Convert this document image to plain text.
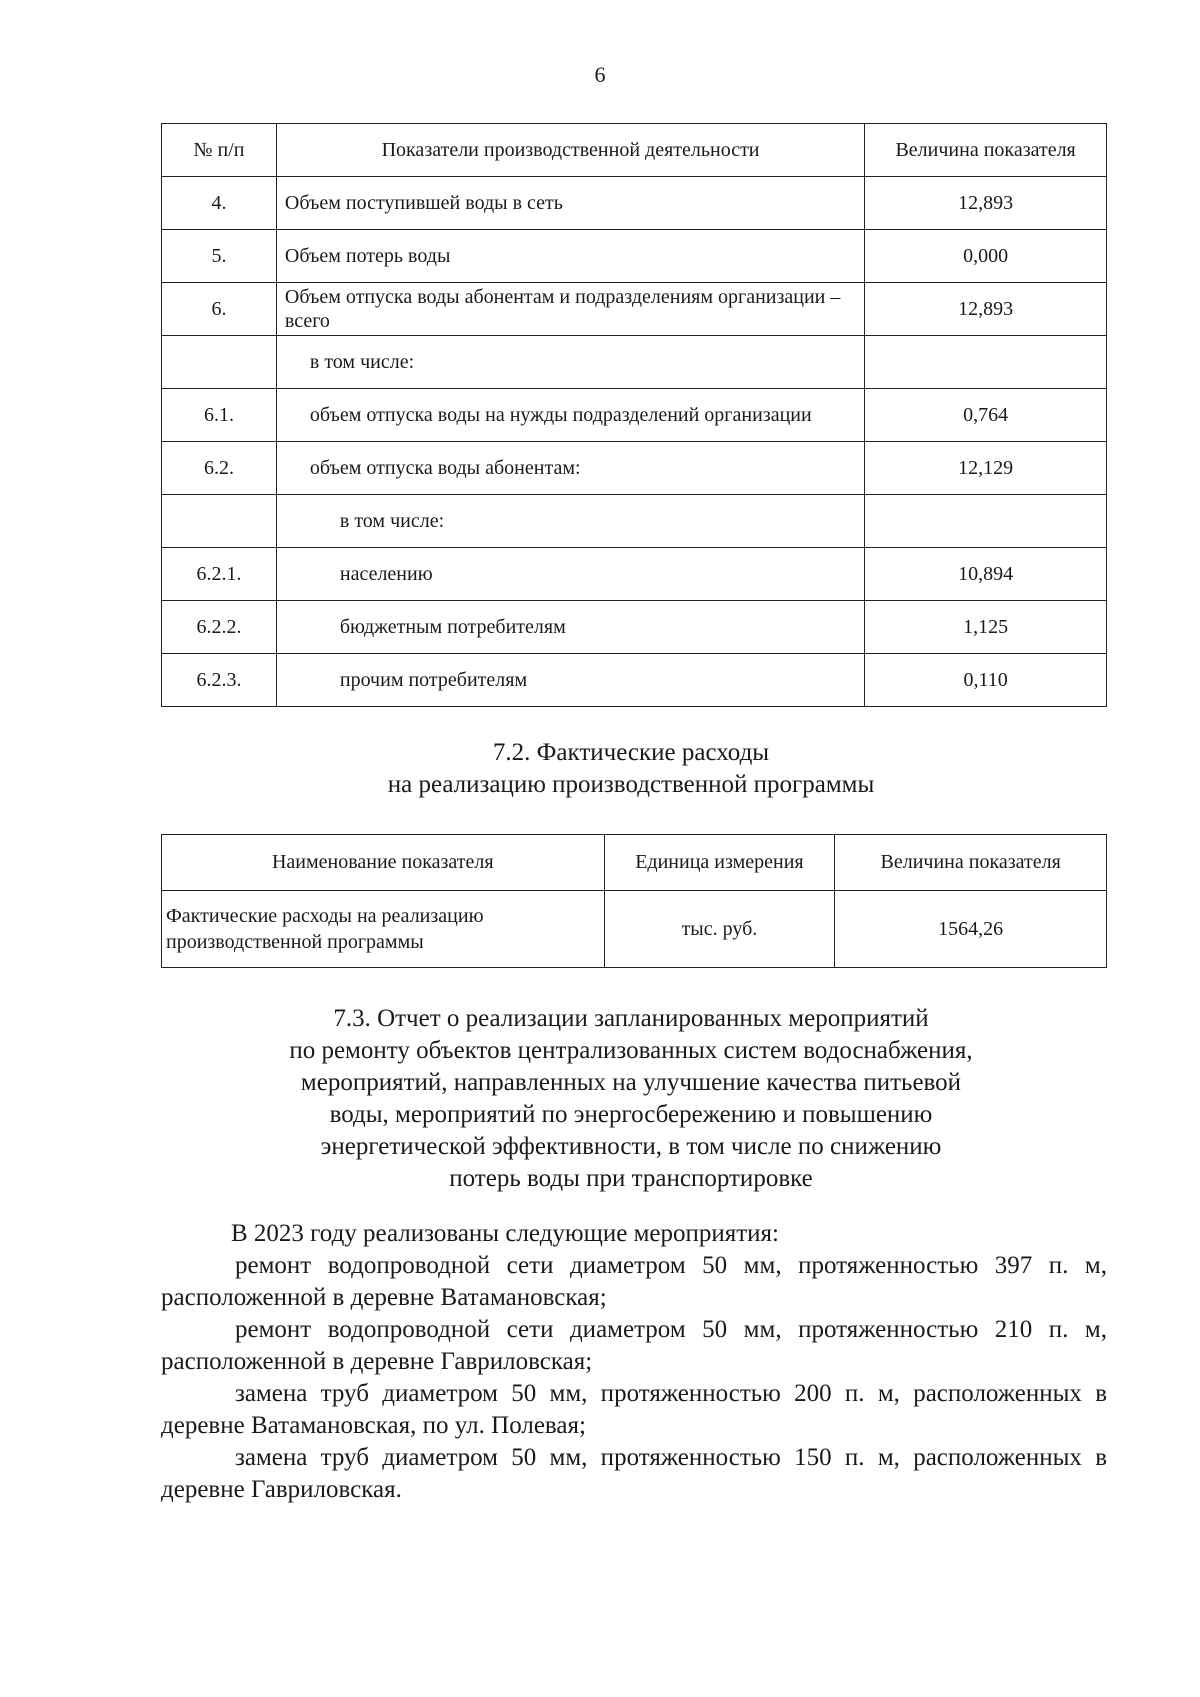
6
№ п/п	Показатели производственной деятельности	Величина показателя
4.	Объем поступившей воды в сеть	12,893
5.	Объем потерь воды	0,000
6.	Объем отпуска воды абонентам и подразделениям организации – всего	12,893
	в том числе:	
6.1.	объем отпуска воды на нужды подразделений организации	0,764
6.2.	объем отпуска воды абонентам:	12,129
	в том числе:	
6.2.1.	населению	10,894
6.2.2.	бюджетным потребителям	1,125
6.2.3.	прочим потребителям	0,110
7.2. Фактические расходы
на реализацию производственной программы
Наименование показателя	Единица измерения	Величина показателя
Фактические расходы на реализацию производственной программы	тыс. руб.	1564,26
7.3. Отчет о реализации запланированных мероприятий
по ремонту объектов централизованных систем водоснабжения,
мероприятий, направленных на улучшение качества питьевой
воды, мероприятий по энергосбережению и повышению
энергетической эффективности, в том числе по снижению
потерь воды при транспортировке

В 2023 году реализованы следующие мероприятия:

ремонт водопроводной сети диаметром 50 мм, протяженностью 397 п. м, расположенной в деревне Ватамановская;

ремонт водопроводной сети диаметром 50 мм, протяженностью 210 п. м, расположенной в деревне Гавриловская;

замена труб диаметром 50 мм, протяженностью 200 п. м, расположенных в деревне Ватамановская, по ул. Полевая;

замена труб диаметром 50 мм, протяженностью 150 п. м, расположенных в деревне Гавриловская.
